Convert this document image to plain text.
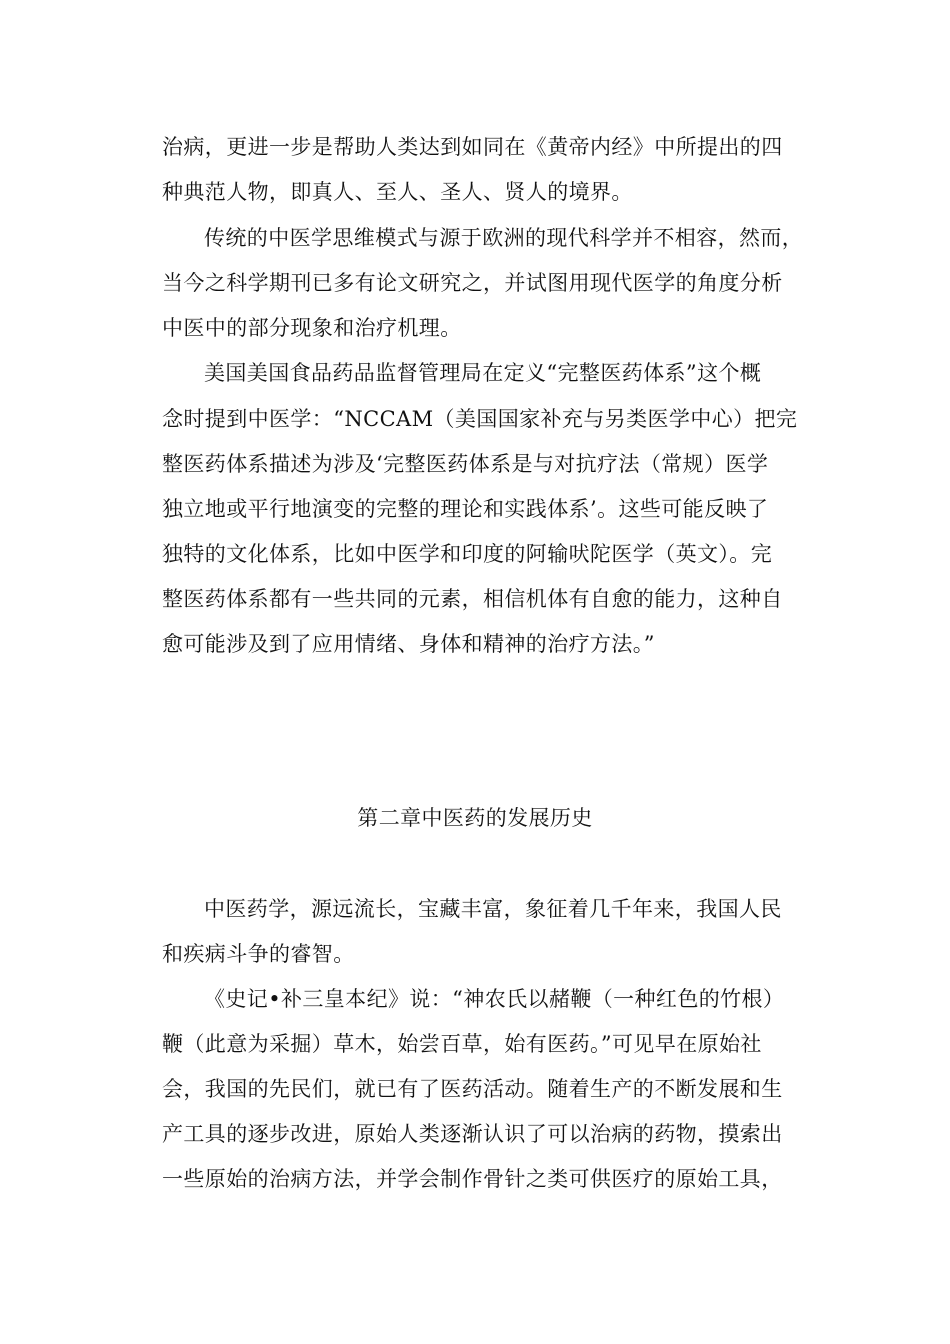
治病，更进一步是帮助人类达到如同在《黄帝内经》中所提出的四
种典范人物，即真人、至人、圣人、贤人的境界。
传统的中医学思维模式与源于欧洲的现代科学并不相容，然而，
当今之科学期刊已多有论文研究之，并试图用现代医学的角度分析
中医中的部分现象和治疗机理。
美国美国食品药品监督管理局在定义“完整医药体系”这个概
念时提到中医学：“NCCAM（美国国家补充与另类医学中心）把完
整医药体系描述为涉及‘完整医药体系是与对抗疗法（常规）医学
独立地或平行地演变的完整的理论和实践体系’。这些可能反映了
独特的文化体系，比如中医学和印度的阿输吠陀医学（英文）。完
整医药体系都有一些共同的元素，相信机体有自愈的能力，这种自
愈可能涉及到了应用情绪、身体和精神的治疗方法。”
第二章中医药的发展历史
中医药学，源远流长，宝藏丰富，象征着几千年来，我国人民
和疾病斗争的睿智。
《史记•补三皇本纪》说：“神农氏以赭鞭（一种红色的竹根）
鞭（此意为采掘）草木，始尝百草，始有医药。”可见早在原始社
会，我国的先民们，就已有了医药活动。随着生产的不断发展和生
产工具的逐步改进，原始人类逐渐认识了可以治病的药物，摸索出
一些原始的治病方法，并学会制作骨针之类可供医疗的原始工具，
